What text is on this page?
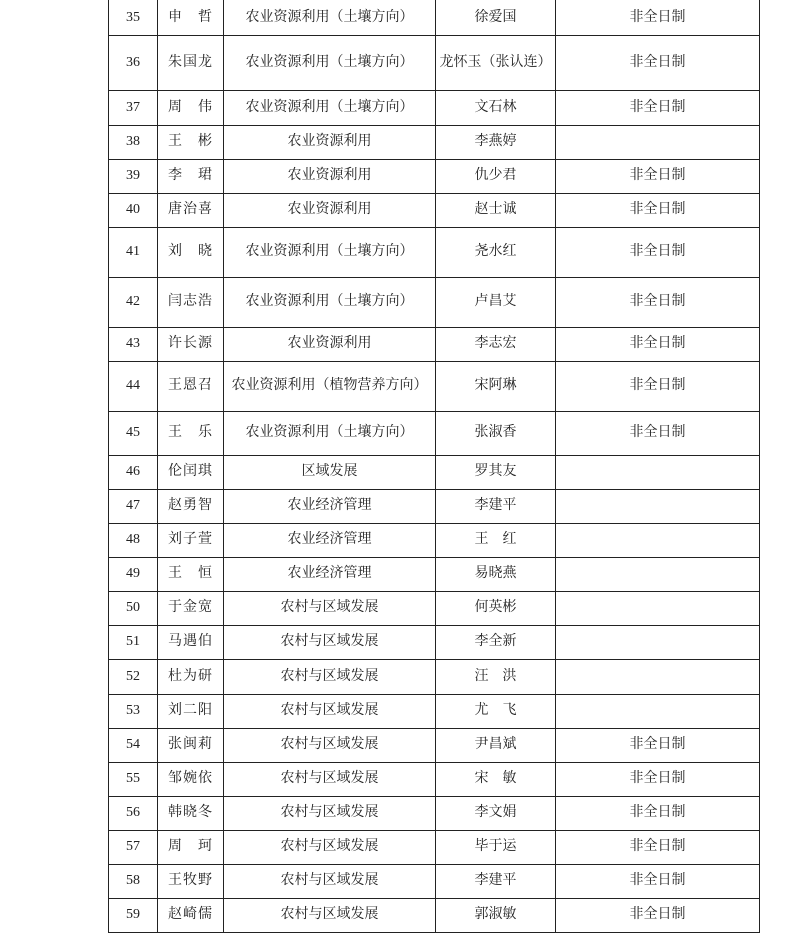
35	申　哲	农业资源利用（土壤方向）	徐爱国	非全日制
36	朱国龙	农业资源利用（土壤方向）	龙怀玉（张认连）	非全日制
37	周　伟	农业资源利用（土壤方向）	文石林	非全日制
38	王　彬	农业资源利用	李燕婷	
39	李　珺	农业资源利用	仇少君	非全日制
40	唐治喜	农业资源利用	赵士诚	非全日制
41	刘　晓	农业资源利用（土壤方向）	尧水红	非全日制
42	闫志浩	农业资源利用（土壤方向）	卢昌艾	非全日制
43	许长源	农业资源利用	李志宏	非全日制
44	王恩召	农业资源利用（植物营养方向）	宋阿琳	非全日制
45	王　乐	农业资源利用（土壤方向）	张淑香	非全日制
46	伦闰琪	区域发展	罗其友	
47	赵勇智	农业经济管理	李建平	
48	刘子萱	农业经济管理	王　红	
49	王　恒	农业经济管理	易晓燕	
50	于金宽	农村与区域发展	何英彬	
51	马遇伯	农村与区域发展	李全新	
52	杜为研	农村与区域发展	汪　洪	
53	刘二阳	农村与区域发展	尤　飞	
54	张闽莉	农村与区域发展	尹昌斌	非全日制
55	邹婉依	农村与区域发展	宋　敏	非全日制
56	韩晓冬	农村与区域发展	李文娟	非全日制
57	周　珂	农村与区域发展	毕于运	非全日制
58	王牧野	农村与区域发展	李建平	非全日制
59	赵崎儒	农村与区域发展	郭淑敏	非全日制
